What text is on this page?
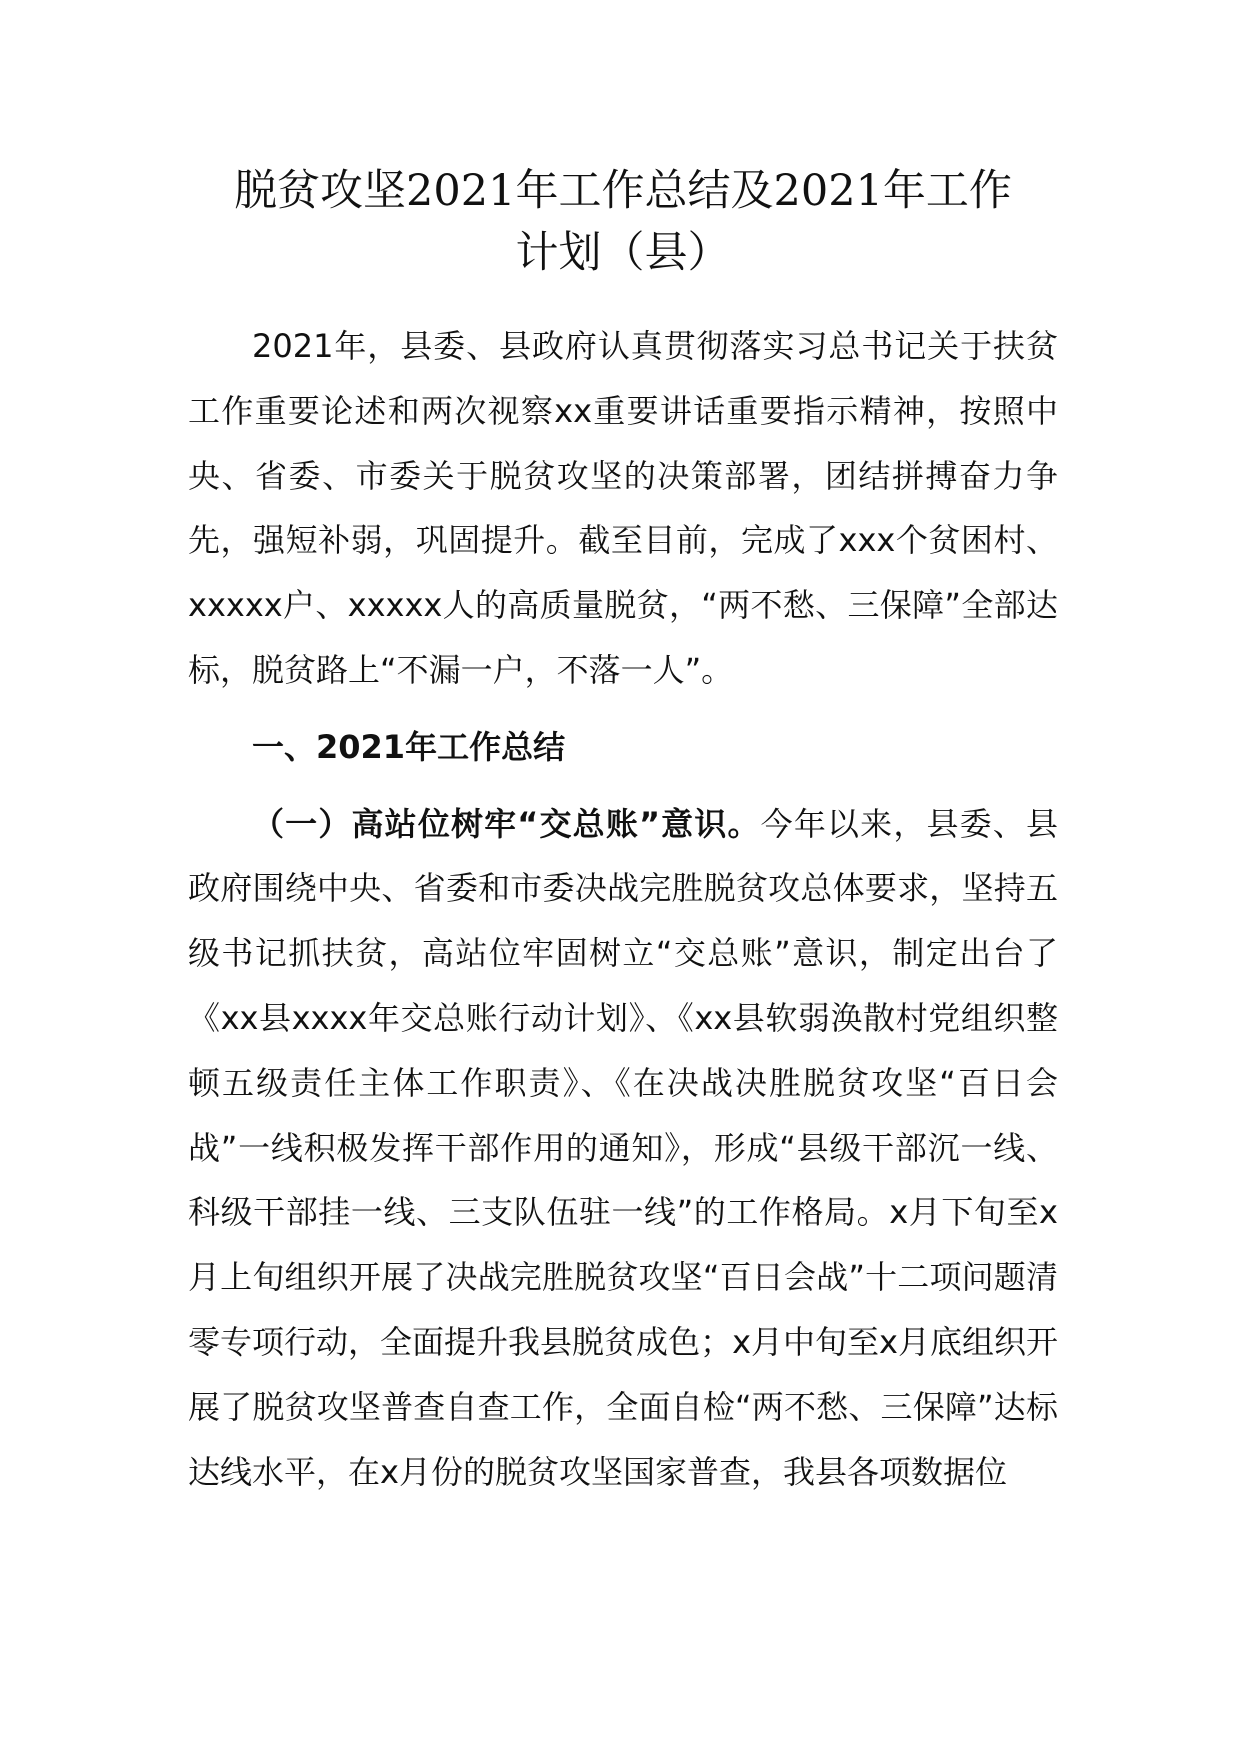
脱贫攻坚2021年工作总结及2021年工作
计划（县）

2021年，县委、县政府认真贯彻落实习总书记关于扶贫工作重要论述和两次视察xx重要讲话重要指示精神，按照中央、省委、市委关于脱贫攻坚的决策部署，团结拼搏奋力争先，强短补弱，巩固提升。截至目前，完成了xxx个贫困村、xxxxx户、xxxxx人的高质量脱贫，“两不愁、三保障”全部达标，脱贫路上“不漏一户，不落一人”。

一、2021年工作总结

（一）高站位树牢“交总账”意识。今年以来，县委、县政府围绕中央、省委和市委决战完胜脱贫攻总体要求，坚持五级书记抓扶贫，高站位牢固树立“交总账”意识，制定出台了《xx县xxxx年交总账行动计划》、《xx县软弱涣散村党组织整顿五级责任主体工作职责》、《在决战决胜脱贫攻坚“百日会战”一线积极发挥干部作用的通知》，形成“县级干部沉一线、科级干部挂一线、三支队伍驻一线”的工作格局。x月下旬至x月上旬组织开展了决战完胜脱贫攻坚“百日会战”十二项问题清零专项行动，全面提升我县脱贫成色；x月中旬至x月底组织开展了脱贫攻坚普查自查工作，全面自检“两不愁、三保障”达标达线水平，在x月份的脱贫攻坚国家普查，我县各项数据位
